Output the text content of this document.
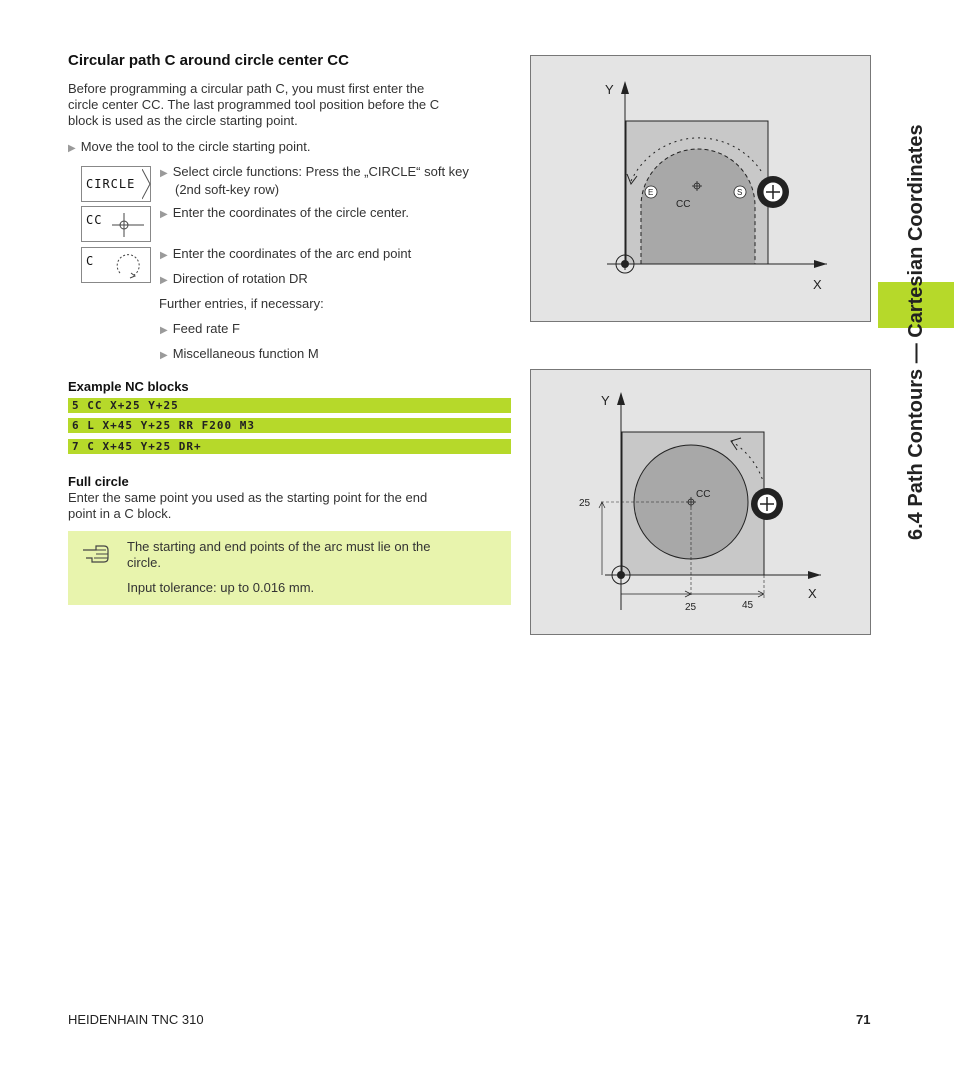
Circular path C around circle center CC
Before programming a circular path C, you must first enter the
circle center CC. The last programmed tool position before the C
block is used as the circle starting point.
▶ Move the tool to the circle starting point.
CIRCLE
CC
C
▶ Select circle functions: Press the „CIRCLE“ soft key
(2nd soft-key row)
▶ Enter the coordinates of the circle center.
▶ Enter the coordinates of the arc end point
▶ Direction of rotation DR
Further entries, if necessary:
▶ Feed rate F
▶ Miscellaneous function M
Example NC blocks
5 CC X+25 Y+25
6 L X+45 Y+25 RR F200 M3
7 C X+45 Y+25 DR+
Full circle
Enter the same point you used as the starting point for the end
point in a C block.
The starting and end points of the arc must lie on the
circle.
Input tolerance: up to 0.016 mm.
Y
X
CC
E	S
Y
X
CC
25
25	45
6.4 Path Contours — Cartesian Coordinates
HEIDENHAIN TNC 310	71
